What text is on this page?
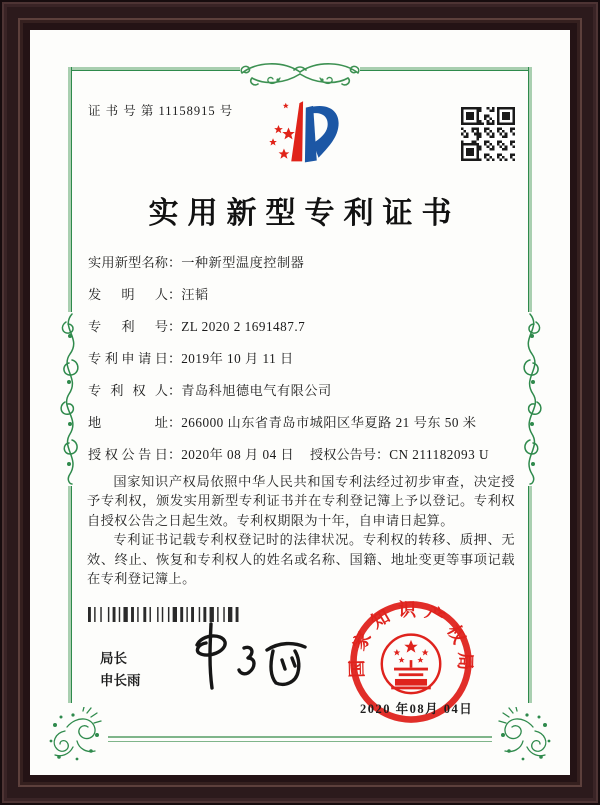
证 书 号 第 11158915 号
实用新型专利证书
实用新型名称：一种新型温度控制器
发明人：汪韬
专利号：ZL 2020 2 1691487.7
专利申请日：2019年 10 月 11 日
专利权人：青岛科旭德电气有限公司
地址：266000 山东省青岛市城阳区华夏路 21 号东 50 米
授权公告日：2020年 08 月 04 日 授权公告号：CN 211182093 U

国家知识产权局依照中华人民共和国专利法经过初步审查，决定授予专利权，颁发实用新型专利证书并在专利登记簿上予以登记。专利权自授权公告之日起生效。专利权期限为十年，自申请日起算。

专利证书记载专利权登记时的法律状况。专利权的转移、质押、无效、终止、恢复和专利权人的姓名或名称、国籍、地址变更等事项记载在专利登记簿上。

局长
申长雨
国家知识产权局
2020 年08月 04日
